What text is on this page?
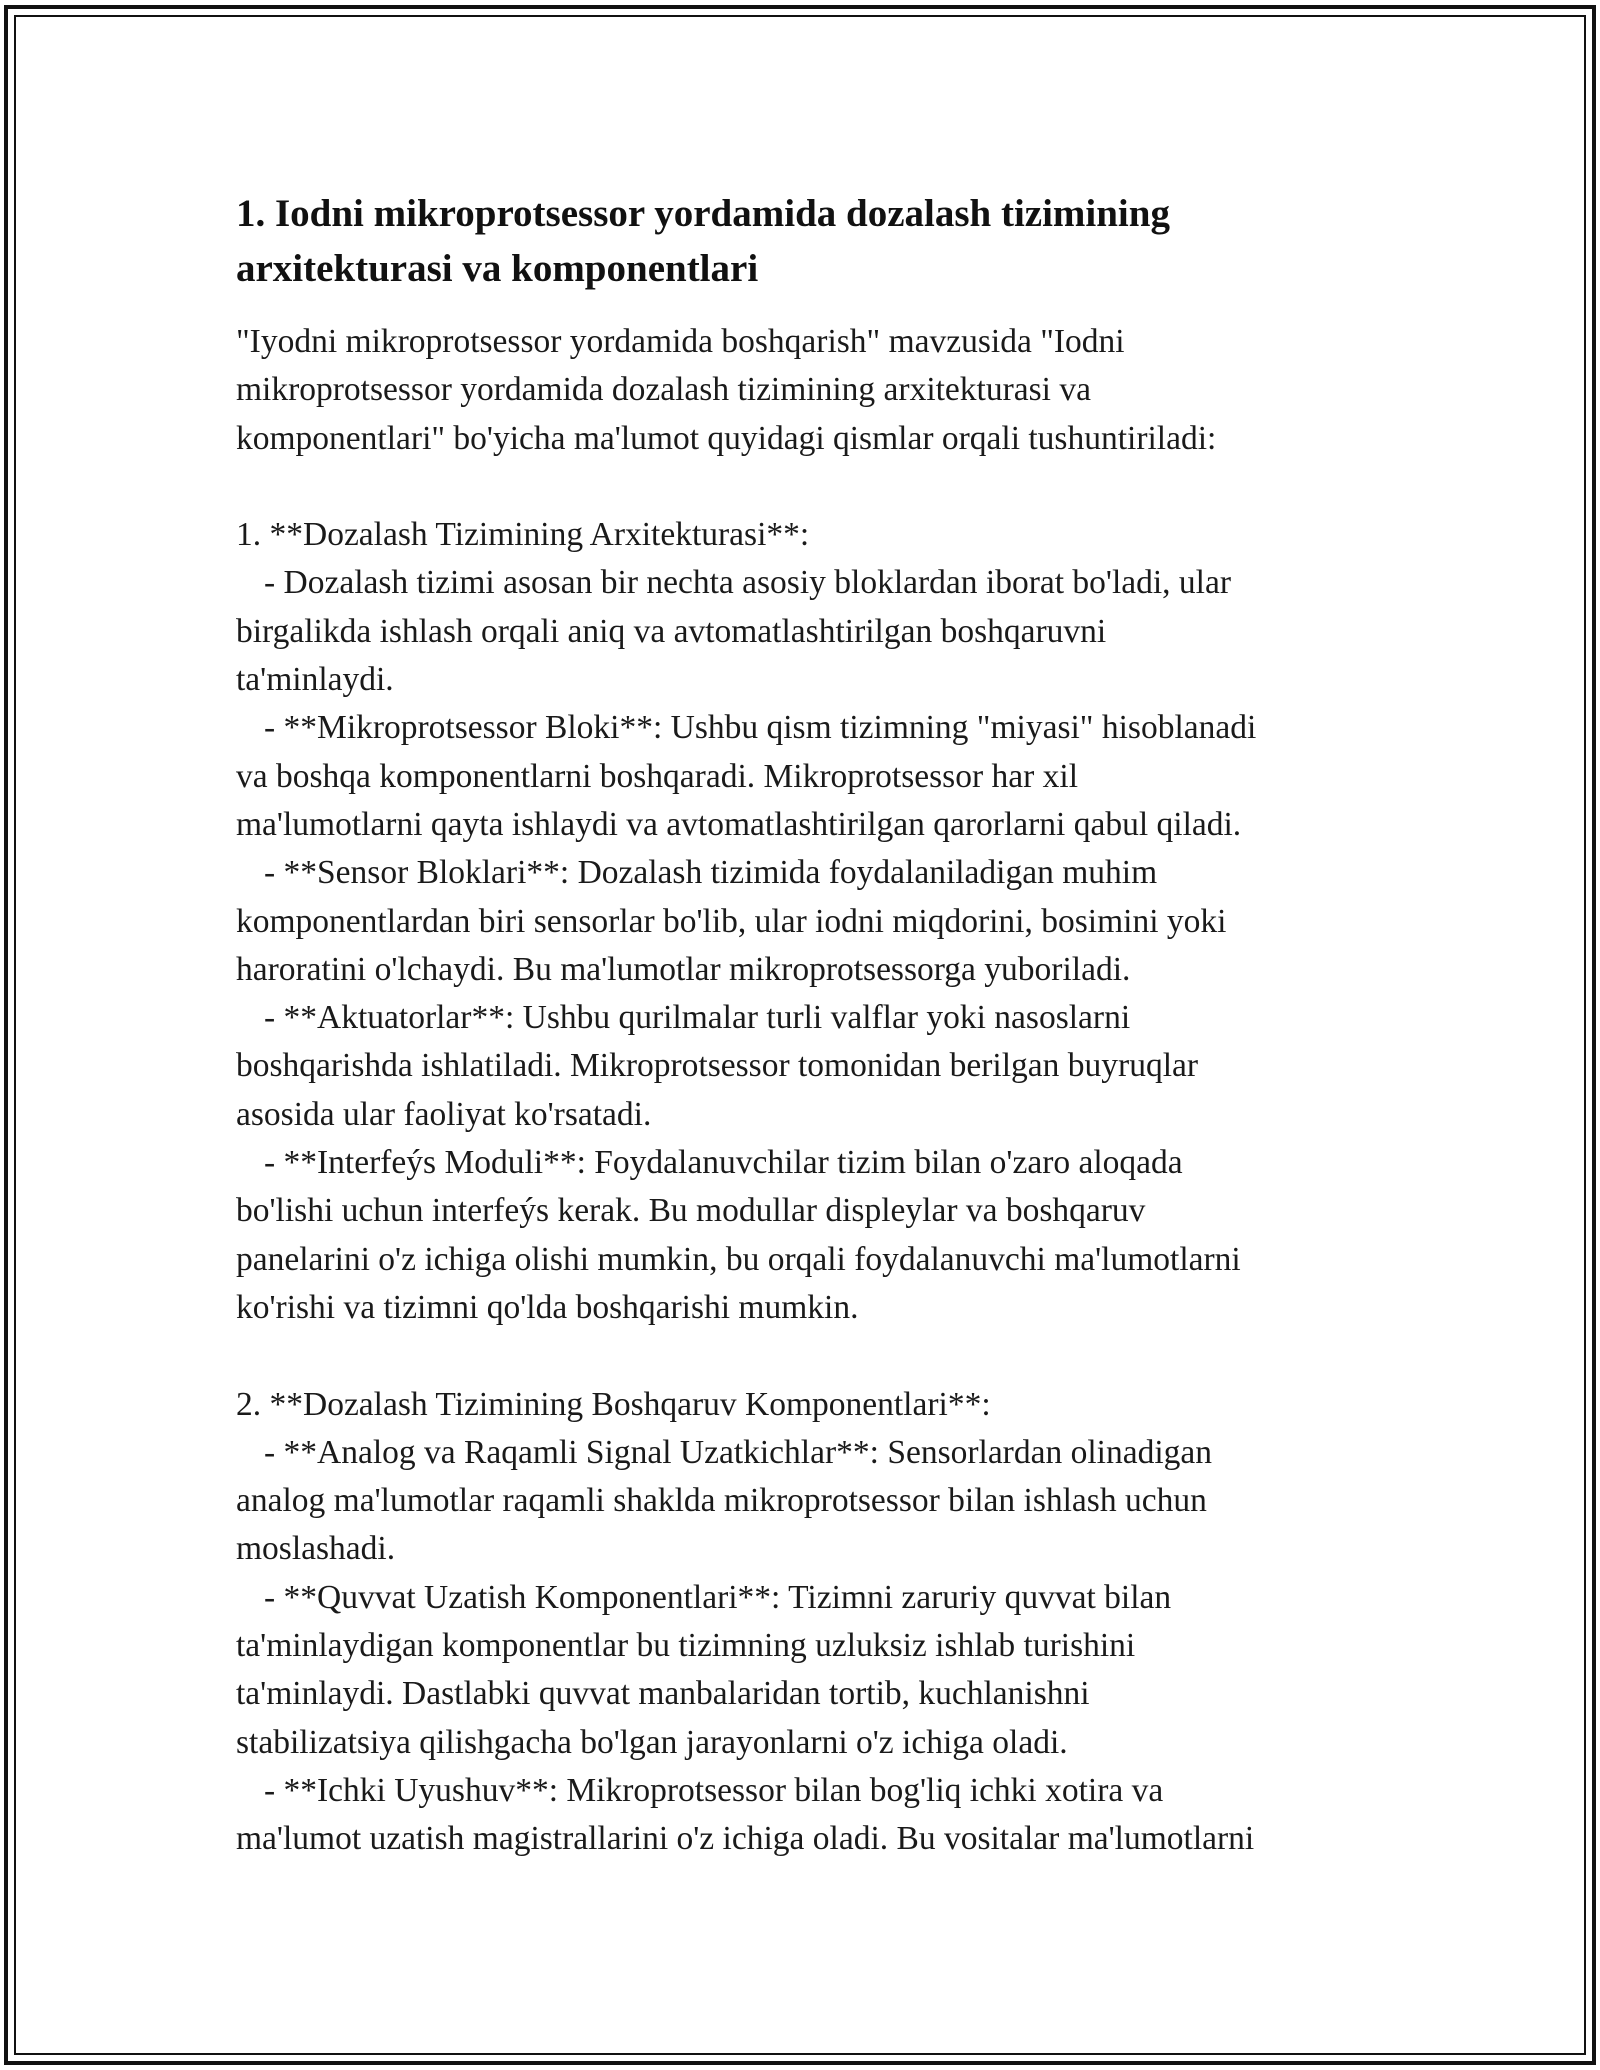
1. Iodni mikroprotsessor yordamida dozalash tizimining

arxitekturasi va komponentlari

"Iyodni mikroprotsessor yordamida boshqarish" mavzusida "Iodni

mikroprotsessor yordamida dozalash tizimining arxitekturasi va

komponentlari" bo'yicha ma'lumot quyidagi qismlar orqali tushuntiriladi:

1. **Dozalash Tizimining Arxitekturasi**:

- Dozalash tizimi asosan bir nechta asosiy bloklardan iborat bo'ladi, ular

birgalikda ishlash orqali aniq va avtomatlashtirilgan boshqaruvni

ta'minlaydi.

- **Mikroprotsessor Bloki**: Ushbu qism tizimning "miyasi" hisoblanadi

va boshqa komponentlarni boshqaradi. Mikroprotsessor har xil

ma'lumotlarni qayta ishlaydi va avtomatlashtirilgan qarorlarni qabul qiladi.

- **Sensor Bloklari**: Dozalash tizimida foydalaniladigan muhim

komponentlardan biri sensorlar bo'lib, ular iodni miqdorini, bosimini yoki

haroratini o'lchaydi. Bu ma'lumotlar mikroprotsessorga yuboriladi.

- **Aktuatorlar**: Ushbu qurilmalar turli valflar yoki nasoslarni

boshqarishda ishlatiladi. Mikroprotsessor tomonidan berilgan buyruqlar

asosida ular faoliyat ko'rsatadi.

- **Interfeýs Moduli**: Foydalanuvchilar tizim bilan o'zaro aloqada

bo'lishi uchun interfeýs kerak. Bu modullar displeylar va boshqaruv

panelarini o'z ichiga olishi mumkin, bu orqali foydalanuvchi ma'lumotlarni

ko'rishi va tizimni qo'lda boshqarishi mumkin.

2. **Dozalash Tizimining Boshqaruv Komponentlari**:

- **Analog va Raqamli Signal Uzatkichlar**: Sensorlardan olinadigan

analog ma'lumotlar raqamli shaklda mikroprotsessor bilan ishlash uchun

moslashadi.

- **Quvvat Uzatish Komponentlari**: Tizimni zaruriy quvvat bilan

ta'minlaydigan komponentlar bu tizimning uzluksiz ishlab turishini

ta'minlaydi. Dastlabki quvvat manbalaridan tortib, kuchlanishni

stabilizatsiya qilishgacha bo'lgan jarayonlarni o'z ichiga oladi.

- **Ichki Uyushuv**: Mikroprotsessor bilan bog'liq ichki xotira va

ma'lumot uzatish magistrallarini o'z ichiga oladi. Bu vositalar ma'lumotlarni
